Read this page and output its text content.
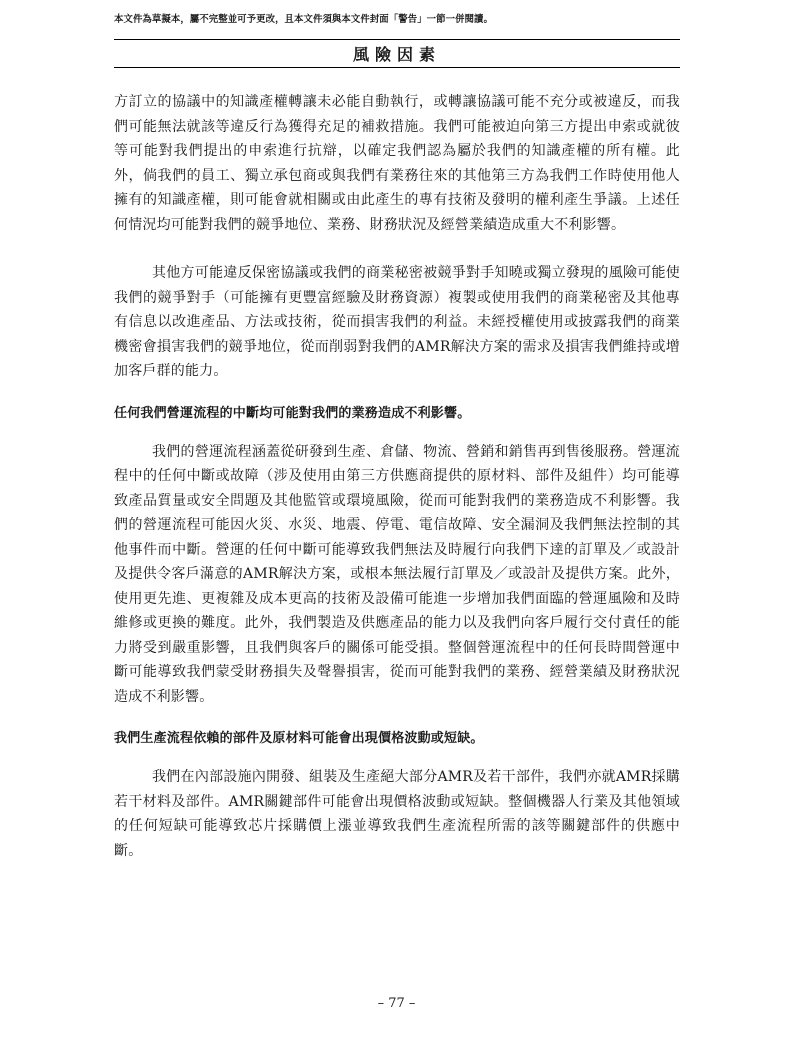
本文件為草擬本，屬不完整並可予更改，且本文件須與本文件封面「警告」一節一併閱讀。
風險因素

方訂立的協議中的知識產權轉讓未必能自動執行，或轉讓協議可能不充分或被違反，而我們可能無法就該等違反行為獲得充足的補救措施。我們可能被迫向第三方提出申索或就彼等可能對我們提出的申索進行抗辯，以確定我們認為屬於我們的知識產權的所有權。此外，倘我們的員工、獨立承包商或與我們有業務往來的其他第三方為我們工作時使用他人擁有的知識產權，則可能會就相關或由此產生的專有技術及發明的權利產生爭議。上述任何情況均可能對我們的競爭地位、業務、財務狀況及經營業績造成重大不利影響。

其他方可能違反保密協議或我們的商業秘密被競爭對手知曉或獨立發現的風險可能使我們的競爭對手（可能擁有更豐富經驗及財務資源）複製或使用我們的商業秘密及其他專有信息以改進產品、方法或技術，從而損害我們的利益。未經授權使用或披露我們的商業機密會損害我們的競爭地位，從而削弱對我們的AMR解決方案的需求及損害我們維持或增加客戶群的能力。

任何我們營運流程的中斷均可能對我們的業務造成不利影響。

我們的營運流程涵蓋從研發到生產、倉儲、物流、營銷和銷售再到售後服務。營運流程中的任何中斷或故障（涉及使用由第三方供應商提供的原材料、部件及組件）均可能導致產品質量或安全問題及其他監管或環境風險，從而可能對我們的業務造成不利影響。我們的營運流程可能因火災、水災、地震、停電、電信故障、安全漏洞及我們無法控制的其他事件而中斷。營運的任何中斷可能導致我們無法及時履行向我們下達的訂單及／或設計及提供令客戶滿意的AMR解決方案，或根本無法履行訂單及／或設計及提供方案。此外，使用更先進、更複雜及成本更高的技術及設備可能進一步增加我們面臨的營運風險和及時維修或更換的難度。此外，我們製造及供應產品的能力以及我們向客戶履行交付責任的能力將受到嚴重影響，且我們與客戶的關係可能受損。整個營運流程中的任何長時間營運中斷可能導致我們蒙受財務損失及聲譽損害，從而可能對我們的業務、經營業績及財務狀況造成不利影響。

我們生產流程依賴的部件及原材料可能會出現價格波動或短缺。

我們在內部設施內開發、組裝及生產絕大部分AMR及若干部件，我們亦就AMR採購若干材料及部件。AMR關鍵部件可能會出現價格波動或短缺。整個機器人行業及其他領域的任何短缺可能導致芯片採購價上漲並導致我們生產流程所需的該等關鍵部件的供應中斷。

– 77 –
